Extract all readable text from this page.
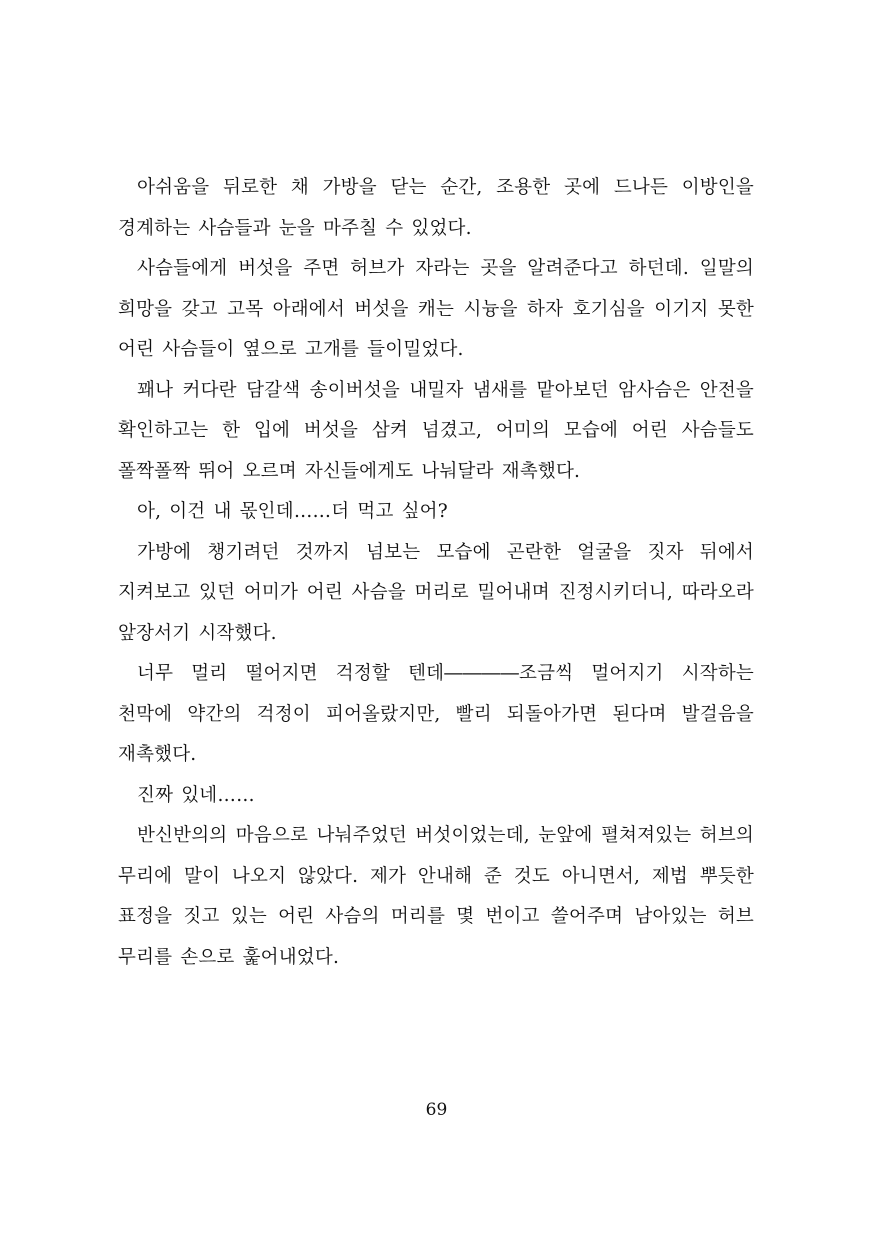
아쉬움을 뒤로한 채 가방을 닫는 순간, 조용한 곳에 드나든 이방인을 경계하는 사슴들과 눈을 마주칠 수 있었다.

사슴들에게 버섯을 주면 허브가 자라는 곳을 알려준다고 하던데. 일말의 희망을 갖고 고목 아래에서 버섯을 캐는 시늉을 하자 호기심을 이기지 못한 어린 사슴들이 옆으로 고개를 들이밀었다.

꽤나 커다란 담갈색 송이버섯을 내밀자 냄새를 맡아보던 암사슴은 안전을 확인하고는 한 입에 버섯을 삼켜 넘겼고, 어미의 모습에 어린 사슴들도 폴짝폴짝 뛰어 오르며 자신들에게도 나눠달라 재촉했다.

아, 이건 내 몫인데……더 먹고 싶어?

가방에 챙기려던 것까지 넘보는 모습에 곤란한 얼굴을 짓자 뒤에서 지켜보고 있던 어미가 어린 사슴을 머리로 밀어내며 진정시키더니, 따라오라 앞장서기 시작했다.

너무 멀리 떨어지면 걱정할 텐데――――조금씩 멀어지기 시작하는 천막에 약간의 걱정이 피어올랐지만, 빨리 되돌아가면 된다며 발걸음을 재촉했다.

진짜 있네……

반신반의의 마음으로 나눠주었던 버섯이었는데, 눈앞에 펼쳐져있는 허브의 무리에 말이 나오지 않았다. 제가 안내해 준 것도 아니면서, 제법 뿌듯한 표정을 짓고 있는 어린 사슴의 머리를 몇 번이고 쓸어주며 남아있는 허브 무리를 손으로 훑어내었다.

69
